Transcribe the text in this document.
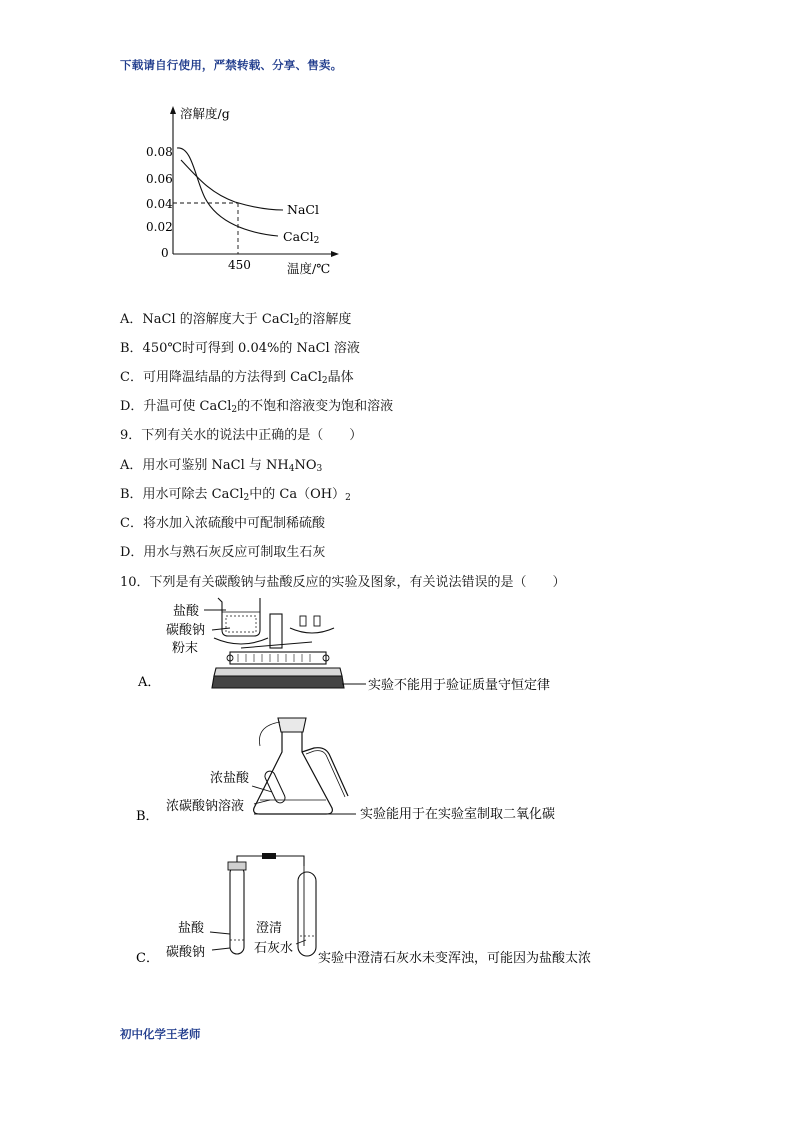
下载请自行使用，严禁转载、分享、售卖。
溶解度/g
温度/℃
0.08
0.06
0.04
0.02
0
450
NaCl
CaCl2
A．NaCl 的溶解度大于 CaCl$_2$的溶解度
B．450℃时可得到 0.04%的 NaCl 溶液
C．可用降温结晶的方法得到 CaCl$_2$晶体
D．升温可使 CaCl$_2$的不饱和溶液变为饱和溶液
9．下列有关水的说法中正确的是（　　）
A．用水可鉴别 NaCl 与 $NH_4NO_3$
B．用水可除去 CaCl$_2$中的 $Ca(OH)_2$
C．将水加入浓硫酸中可配制稀硫酸
D．用水与熟石灰反应可制取生石灰
10．下列是有关碳酸钠与盐酸反应的实验及图象，有关说法错误的是（　　）
A．
盐酸
碳酸钠
粉末
实验不能用于验证质量守恒定律
B．
浓盐酸
浓碳酸钠溶液
实验能用于在实验室制取二氧化碳
C．
盐酸
碳酸钠
澄清
石灰水
实验中澄清石灰水未变浑浊，可能因为盐酸太浓
初中化学王老师
